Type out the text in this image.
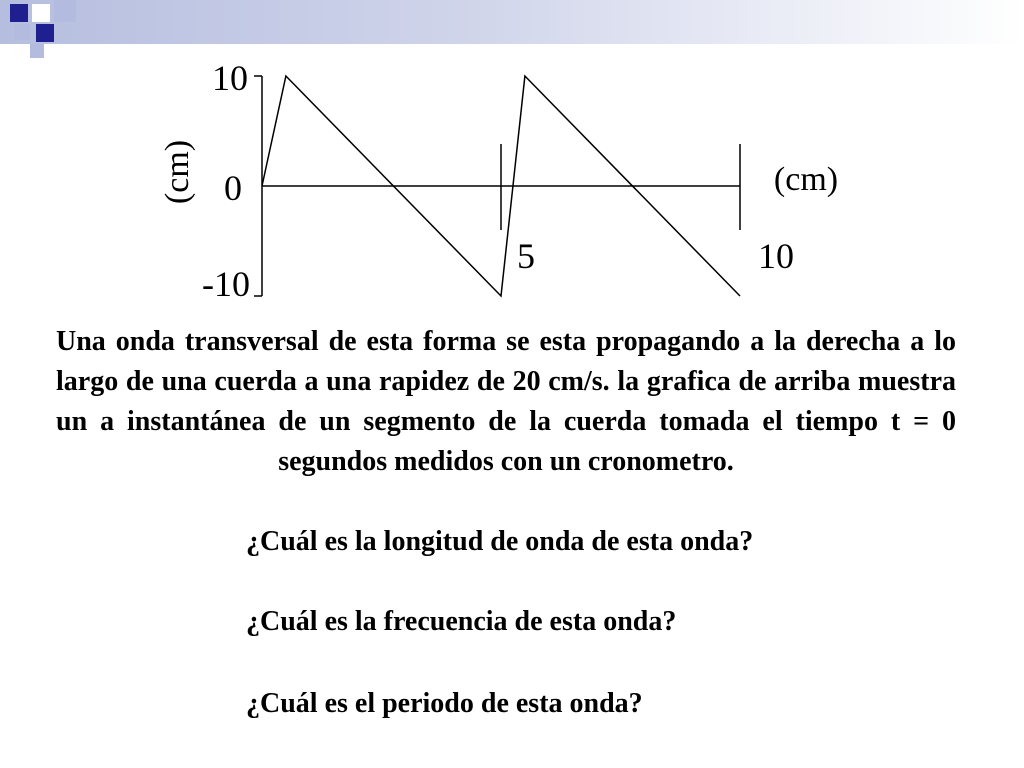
10
0
-10
5	10
(cm)
(cm)
Una onda transversal de esta forma se esta propagando a la derecha a lo largo de una cuerda a una rapidez de 20 cm/s. la grafica de arriba muestra un a instantánea de un segmento de la cuerda tomada el tiempo t = 0 segundos medidos con un cronometro.
¿Cuál es la longitud de onda de esta onda?
¿Cuál es la frecuencia de esta onda?
¿Cuál es el periodo de esta onda?
